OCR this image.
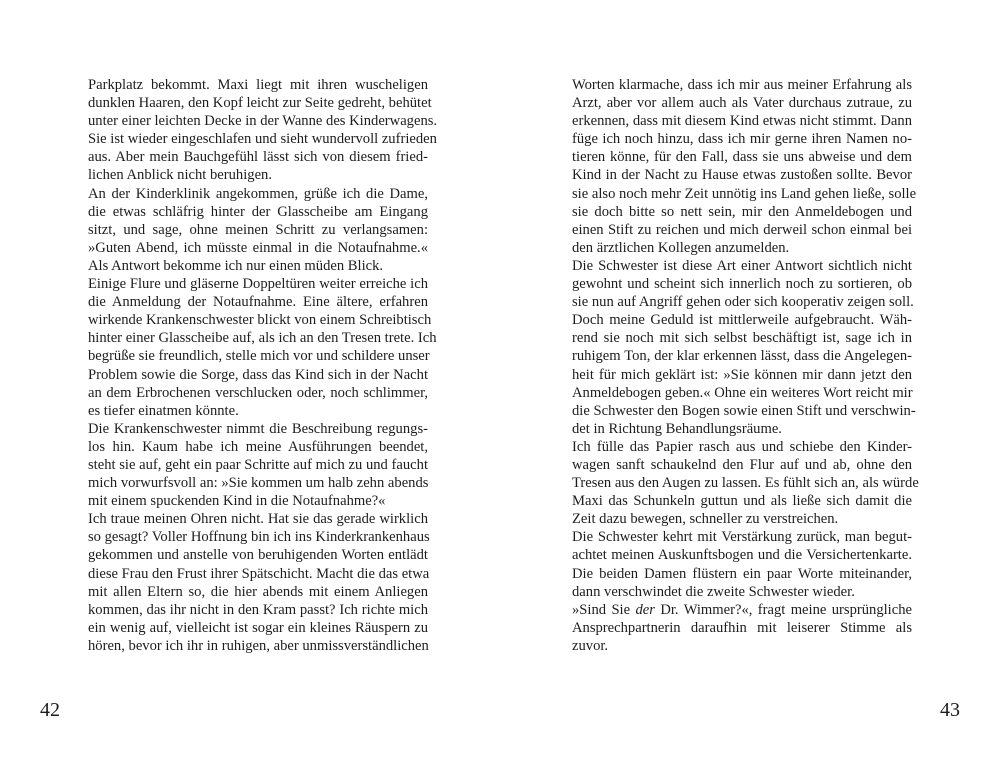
Parkplatz bekommt. Maxi liegt mit ihren wuscheligen
dunklen Haaren, den Kopf leicht zur Seite gedreht, behütet
unter einer leichten Decke in der Wanne des Kinderwagens.
Sie ist wieder eingeschlafen und sieht wundervoll zufrieden
aus. Aber mein Bauchgefühl lässt sich von diesem fried-
lichen Anblick nicht beruhigen.
An der Kinderklinik angekommen, grüße ich die Dame,
die etwas schläfrig hinter der Glasscheibe am Eingang
sitzt, und sage, ohne meinen Schritt zu verlangsamen:
»Guten Abend, ich müsste einmal in die Notaufnahme.«
Als Antwort bekomme ich nur einen müden Blick.
Einige Flure und gläserne Doppeltüren weiter erreiche ich
die Anmeldung der Notaufnahme. Eine ältere, erfahren
wirkende Krankenschwester blickt von einem Schreibtisch
hinter einer Glasscheibe auf, als ich an den Tresen trete. Ich
begrüße sie freundlich, stelle mich vor und schildere unser
Problem sowie die Sorge, dass das Kind sich in der Nacht
an dem Erbrochenen verschlucken oder, noch schlimmer,
es tiefer einatmen könnte.
Die Krankenschwester nimmt die Beschreibung regungs-
los hin. Kaum habe ich meine Ausführungen beendet,
steht sie auf, geht ein paar Schritte auf mich zu und faucht
mich vorwurfsvoll an: »Sie kommen um halb zehn abends
mit einem spuckenden Kind in die Notaufnahme?«
Ich traue meinen Ohren nicht. Hat sie das gerade wirklich
so gesagt? Voller Hoffnung bin ich ins Kinderkrankenhaus
gekommen und anstelle von beruhigenden Worten entlädt
diese Frau den Frust ihrer Spätschicht. Macht die das etwa
mit allen Eltern so, die hier abends mit einem Anliegen
kommen, das ihr nicht in den Kram passt? Ich richte mich
ein wenig auf, vielleicht ist sogar ein kleines Räuspern zu
hören, bevor ich ihr in ruhigen, aber unmissverständlichen
Worten klarmache, dass ich mir aus meiner Erfahrung als
Arzt, aber vor allem auch als Vater durchaus zutraue, zu
erkennen, dass mit diesem Kind etwas nicht stimmt. Dann
füge ich noch hinzu, dass ich mir gerne ihren Namen no-
tieren könne, für den Fall, dass sie uns abweise und dem
Kind in der Nacht zu Hause etwas zustoßen sollte. Bevor
sie also noch mehr Zeit unnötig ins Land gehen ließe, solle
sie doch bitte so nett sein, mir den Anmeldebogen und
einen Stift zu reichen und mich derweil schon einmal bei
den ärztlichen Kollegen anzumelden.
Die Schwester ist diese Art einer Antwort sichtlich nicht
gewohnt und scheint sich innerlich noch zu sortieren, ob
sie nun auf Angriff gehen oder sich kooperativ zeigen soll.
Doch meine Geduld ist mittlerweile aufgebraucht. Wäh-
rend sie noch mit sich selbst beschäftigt ist, sage ich in
ruhigem Ton, der klar erkennen lässt, dass die Angelegen-
heit für mich geklärt ist: »Sie können mir dann jetzt den
Anmeldebogen geben.« Ohne ein weiteres Wort reicht mir
die Schwester den Bogen sowie einen Stift und verschwin-
det in Richtung Behandlungsräume.
Ich fülle das Papier rasch aus und schiebe den Kinder-
wagen sanft schaukelnd den Flur auf und ab, ohne den
Tresen aus den Augen zu lassen. Es fühlt sich an, als würde
Maxi das Schunkeln guttun und als ließe sich damit die
Zeit dazu bewegen, schneller zu verstreichen.
Die Schwester kehrt mit Verstärkung zurück, man begut-
achtet meinen Auskunftsbogen und die Versichertenkarte.
Die beiden Damen flüstern ein paar Worte miteinander,
dann verschwindet die zweite Schwester wieder.
»Sind Sie der Dr. Wimmer?«, fragt meine ursprüngliche
Ansprechpartnerin daraufhin mit leiserer Stimme als
zuvor.
42	43
